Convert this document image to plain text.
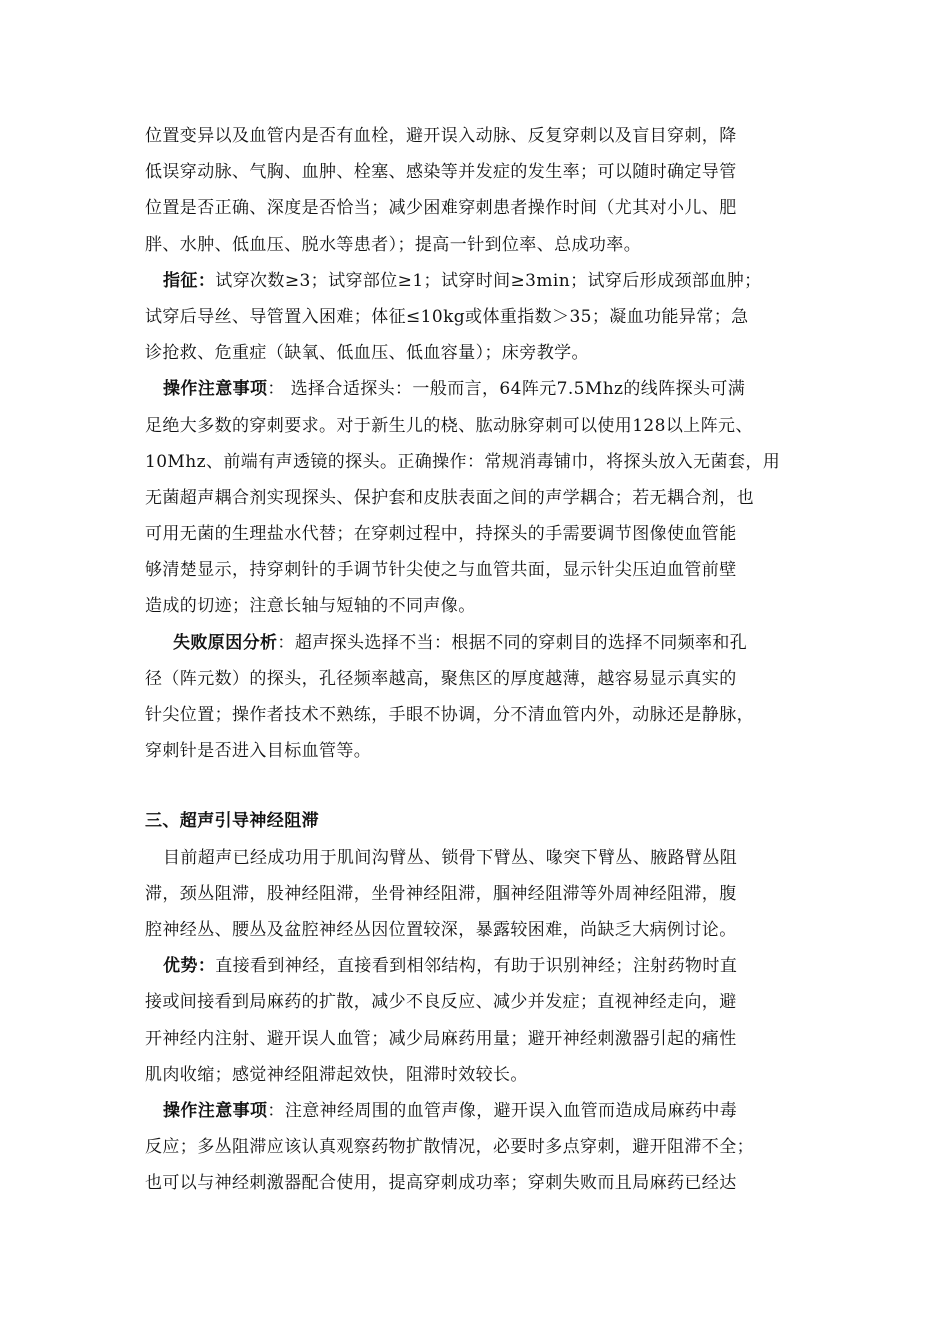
位置变异以及血管内是否有血栓，避开误入动脉、反复穿刺以及盲目穿刺，降
低误穿动脉、气胸、血肿、栓塞、感染等并发症的发生率；可以随时确定导管
位置是否正确、深度是否恰当；减少困难穿刺患者操作时间（尤其对小儿、肥
胖、水肿、低血压、脱水等患者）；提高一针到位率、总成功率。
指征：试穿次数≥3；试穿部位≥1；试穿时间≥3min；试穿后形成颈部血肿；
试穿后导丝、导管置入困难；体征≤10kg或体重指数＞35；凝血功能异常；急
诊抢救、危重症（缺氧、低血压、低血容量）；床旁教学。
操作注意事项： 选择合适探头：一般而言，64阵元7.5Mhz的线阵探头可满
足绝大多数的穿刺要求。对于新生儿的桡、肱动脉穿刺可以使用128以上阵元、
10Mhz、前端有声透镜的探头。正确操作：常规消毒铺巾，将探头放入无菌套，用
无菌超声耦合剂实现探头、保护套和皮肤表面之间的声学耦合；若无耦合剂，也
可用无菌的生理盐水代替；在穿刺过程中，持探头的手需要调节图像使血管能
够清楚显示，持穿刺针的手调节针尖使之与血管共面，显示针尖压迫血管前壁
造成的切迹；注意长轴与短轴的不同声像。
失败原因分析：超声探头选择不当：根据不同的穿刺目的选择不同频率和孔
径（阵元数）的探头，孔径频率越高，聚焦区的厚度越薄，越容易显示真实的
针尖位置；操作者技术不熟练，手眼不协调，分不清血管内外，动脉还是静脉，
穿刺针是否进入目标血管等。
三、超声引导神经阻滞
目前超声已经成功用于肌间沟臂丛、锁骨下臂丛、喙突下臂丛、腋路臂丛阻
滞，颈丛阻滞，股神经阻滞，坐骨神经阻滞，腘神经阻滞等外周神经阻滞，腹
腔神经丛、腰丛及盆腔神经丛因位置较深，暴露较困难，尚缺乏大病例讨论。
优势：直接看到神经，直接看到相邻结构，有助于识别神经；注射药物时直
接或间接看到局麻药的扩散，减少不良反应、减少并发症；直视神经走向，避
开神经内注射、避开误人血管；减少局麻药用量；避开神经刺激器引起的痛性
肌肉收缩；感觉神经阻滞起效快，阻滞时效较长。
操作注意事项：注意神经周围的血管声像，避开误入血管而造成局麻药中毒
反应；多丛阻滞应该认真观察药物扩散情况，必要时多点穿刺，避开阻滞不全；
也可以与神经刺激器配合使用，提高穿刺成功率；穿刺失败而且局麻药已经达
